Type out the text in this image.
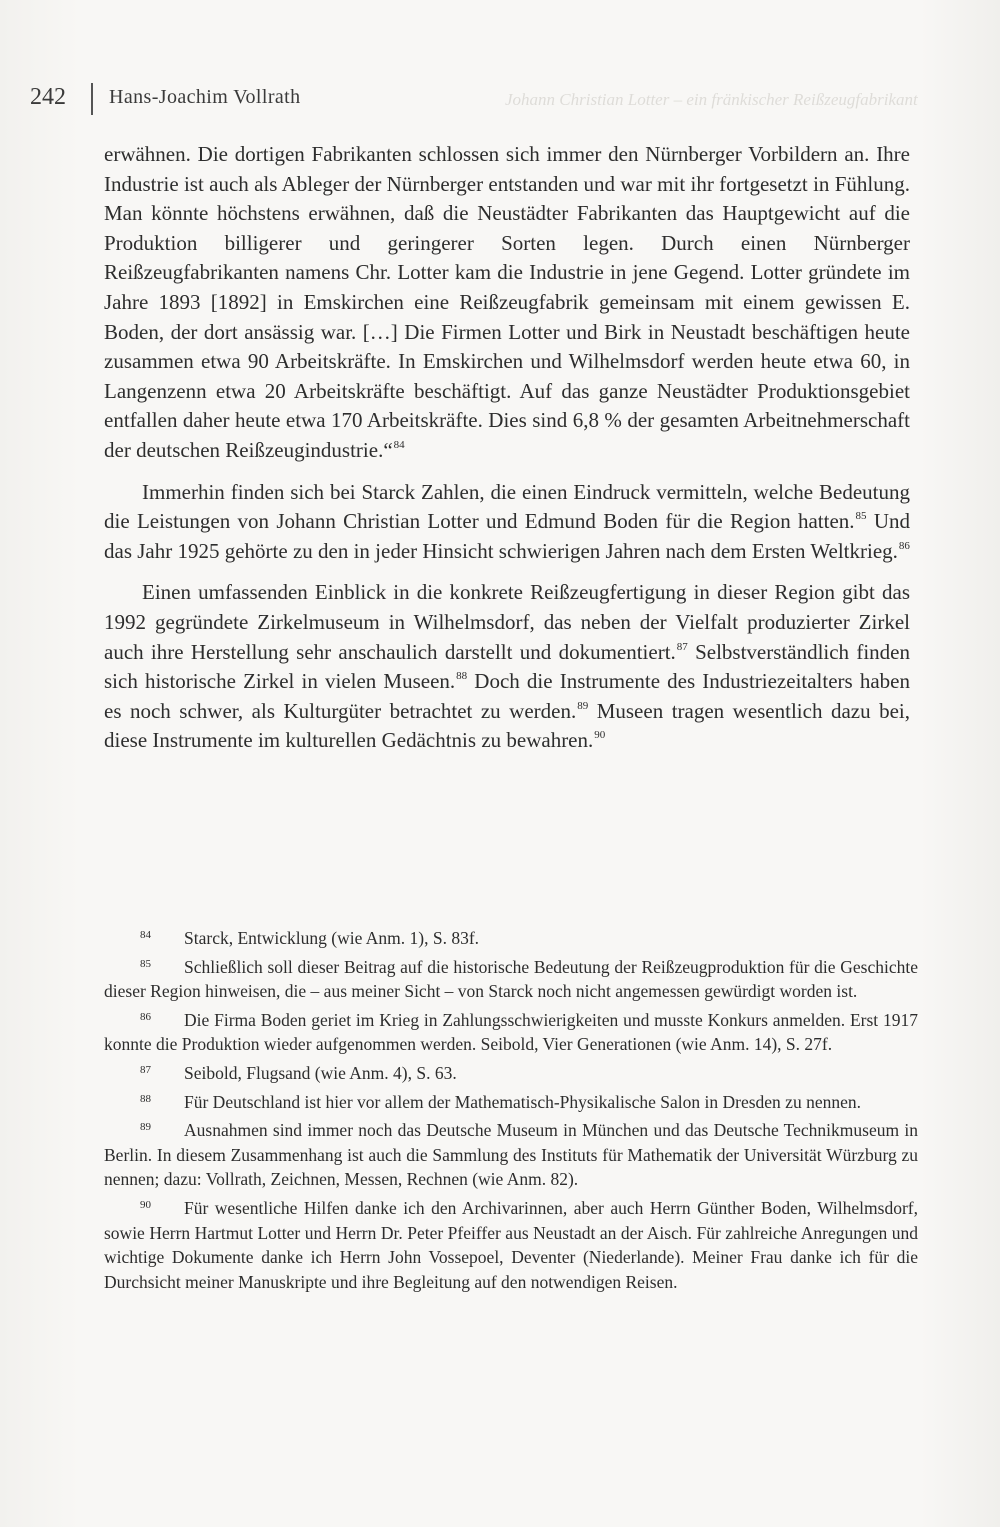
242 Hans-Joachim Vollrath	Johann Christian Lotter – ein fränkischer Reißzeugfabrikant

erwähnen. Die dortigen Fabrikanten schlossen sich immer den Nürnberger Vorbildern an. Ihre Industrie ist auch als Ableger der Nürnberger entstanden und war mit ihr fortgesetzt in Fühlung. Man könnte höchstens erwähnen, daß die Neustädter Fabrikanten das Hauptgewicht auf die Produktion billigerer und geringerer Sorten legen. Durch einen Nürnberger Reißzeugfabrikanten namens Chr. Lotter kam die Industrie in jene Gegend. Lotter gründete im Jahre 1893 [1892] in Emskirchen eine Reißzeugfabrik gemeinsam mit einem gewissen E. Boden, der dort ansässig war. […] Die Firmen Lotter und Birk in Neustadt beschäftigen heute zusammen etwa 90 Arbeitskräfte. In Emskirchen und Wilhelmsdorf werden heute etwa 60, in Langenzenn etwa 20 Arbeitskräfte beschäftigt. Auf das ganze Neustädter Produktionsgebiet entfallen daher heute etwa 170 Arbeitskräfte. Dies sind 6,8 % der gesamten Arbeitnehmerschaft der deutschen Reißzeugindustrie.“$^{84}$

Immerhin finden sich bei Starck Zahlen, die einen Eindruck vermitteln, welche Bedeutung die Leistungen von Johann Christian Lotter und Edmund Boden für die Region hatten.$^{85}$ Und das Jahr 1925 gehörte zu den in jeder Hinsicht schwierigen Jahren nach dem Ersten Weltkrieg.$^{86}$

Einen umfassenden Einblick in die konkrete Reißzeugfertigung in dieser Region gibt das 1992 gegründete Zirkelmuseum in Wilhelmsdorf, das neben der Vielfalt produzierter Zirkel auch ihre Herstellung sehr anschaulich darstellt und dokumentiert.$^{87}$ Selbstverständlich finden sich historische Zirkel in vielen Museen.$^{88}$ Doch die Instrumente des Industriezeitalters haben es noch schwer, als Kulturgüter betrachtet zu werden.$^{89}$ Museen tragen wesentlich dazu bei, diese Instrumente im kulturellen Gedächtnis zu bewahren.$^{90}$

84 Starck, Entwicklung (wie Anm. 1), S. 83f.
85 Schließlich soll dieser Beitrag auf die historische Bedeutung der Reißzeugproduktion für die Geschichte dieser Region hinweisen, die – aus meiner Sicht – von Starck noch nicht angemessen gewürdigt worden ist.
86 Die Firma Boden geriet im Krieg in Zahlungsschwierigkeiten und musste Konkurs anmelden. Erst 1917 konnte die Produktion wieder aufgenommen werden. Seibold, Vier Generationen (wie Anm. 14), S. 27f.
87 Seibold, Flugsand (wie Anm. 4), S. 63.
88 Für Deutschland ist hier vor allem der Mathematisch-Physikalische Salon in Dresden zu nennen.
89 Ausnahmen sind immer noch das Deutsche Museum in München und das Deutsche Technikmuseum in Berlin. In diesem Zusammenhang ist auch die Sammlung des Instituts für Mathematik der Universität Würzburg zu nennen; dazu: Vollrath, Zeichnen, Messen, Rechnen (wie Anm. 82).
90 Für wesentliche Hilfen danke ich den Archivarinnen, aber auch Herrn Günther Boden, Wilhelmsdorf, sowie Herrn Hartmut Lotter und Herrn Dr. Peter Pfeiffer aus Neustadt an der Aisch. Für zahlreiche Anregungen und wichtige Dokumente danke ich Herrn John Vossepoel, Deventer (Niederlande). Meiner Frau danke ich für die Durchsicht meiner Manuskripte und ihre Begleitung auf den notwendigen Reisen.
